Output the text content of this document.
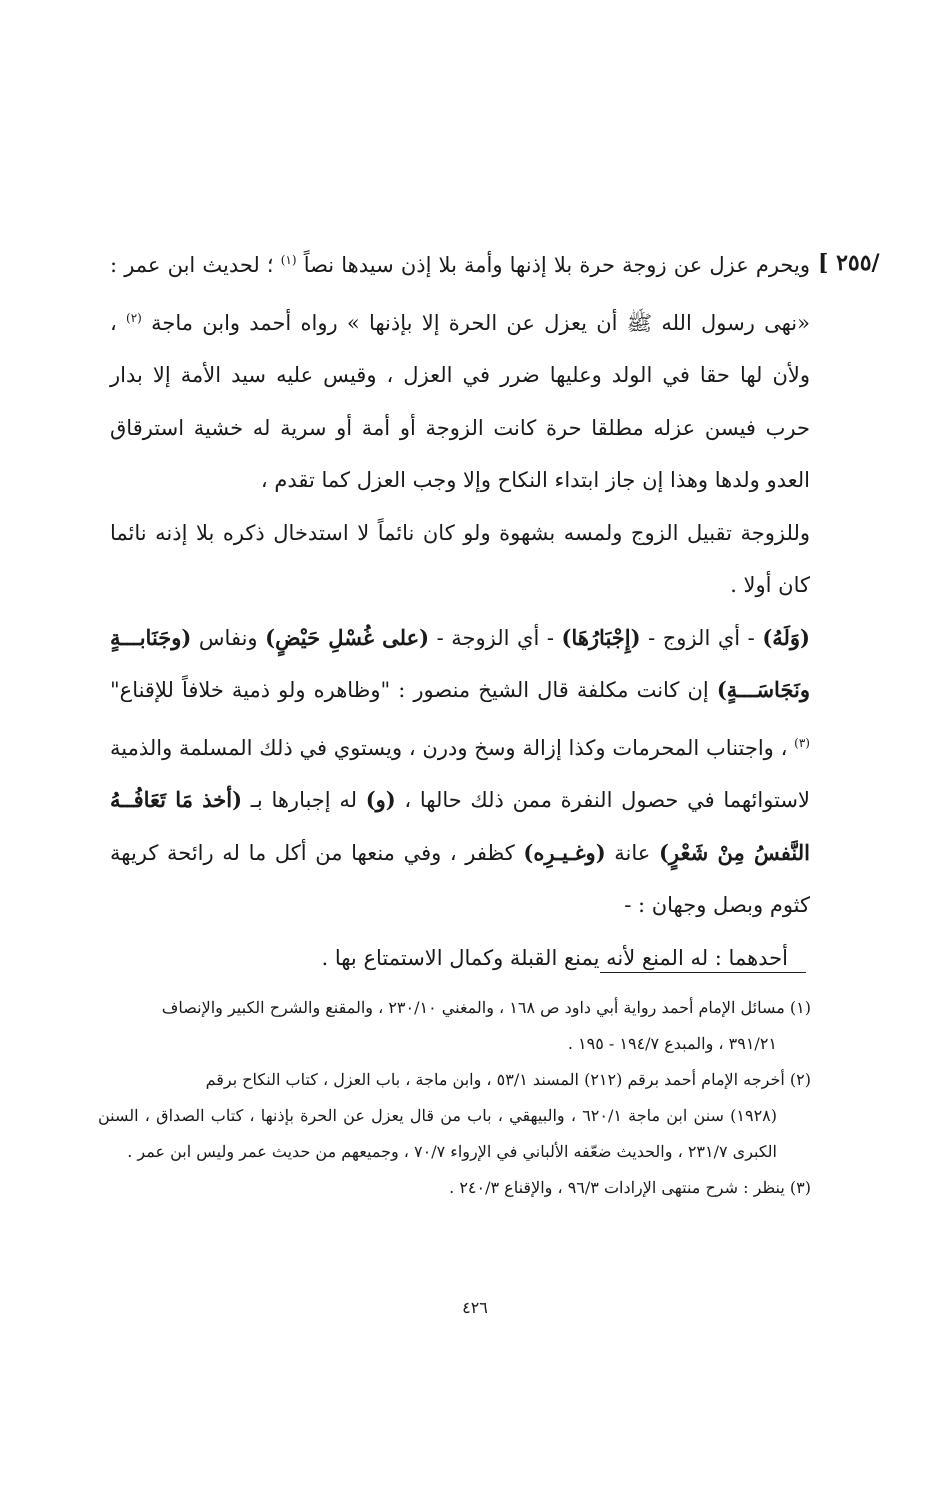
/٢٥٥ ]

ويحرم عزل عن زوجة حرة بلا إذنها وأمة بلا إذن سيدها نصاً $^{(١)}$ ؛ لحديث ابن عمر : «نهى رسول الله ﷺ أن يعزل عن الحرة إلا بإذنها » رواه أحمد وابن ماجة $^{(٢)}$ ، ولأن لها حقا في الولد وعليها ضرر في العزل ، وقيس عليه سيد الأمة إلا بدار حرب فيسن عزله مطلقا حرة كانت الزوجة أو أمة أو سرية له خشية استرقاق العدو ولدها وهذا إن جاز ابتداء النكاح وإلا وجب العزل كما تقدم ،

وللزوجة تقبيل الزوج ولمسه بشهوة ولو كان نائماً لا استدخال ذكره بلا إذنه نائما كان أولا .

(وَلَهُ) - أي الزوج - (إِجْبَارُهَا) - أي الزوجة - (على غُسْلِ حَيْضٍ) ونفاس (وجَنَابـــةٍ ونَجَاسَـــةٍ) إن كانت مكلفة قال الشيخ منصور : "وظاهره ولو ذمية خلافاً للإقناع" $^{(٣)}$ ، واجتناب المحرمات وكذا إزالة وسخ ودرن ، ويستوي في ذلك المسلمة والذمية لاستوائهما في حصول النفرة ممن ذلك حالها ، (و) له إجبارها بـ (أخذ مَا تَعَافُــهُ النَّفسُ مِنْ شَعْرٍ) عانة (وغـيـرِه) كظفر ، وفي منعها من أكل ما له رائحة كريهة كثوم وبصل وجهان : -

أحدهما : له المنع لأنه يمنع القبلة وكمال الاستمتاع بها .

(١) مسائل الإمام أحمد رواية أبي داود ص ١٦٨ ، والمغني ٢٣٠/١٠ ، والمقنع والشرح الكبير والإنصاف
٣٩١/٢١ ، والمبدع ١٩٤/٧ - ١٩٥ .

(٢) أخرجه الإمام أحمد برقم (٢١٢) المسند ٥٣/١ ، وابن ماجة ، باب العزل ، كتاب النكاح برقم
(١٩٢٨) سنن ابن ماجة ٦٢٠/١ ، والبيهقي ، باب من قال يعزل عن الحرة بإذنها ، كتاب الصداق ، السنن الكبرى ٢٣١/٧ ، والحديث ضعّفه الألباني في الإرواء ٧٠/٧ ، وجميعهم من حديث عمر وليس ابن عمر .

(٣) ينظر : شرح منتهى الإرادات ٩٦/٣ ، والإقناع ٢٤٠/٣ .

٤٢٦
